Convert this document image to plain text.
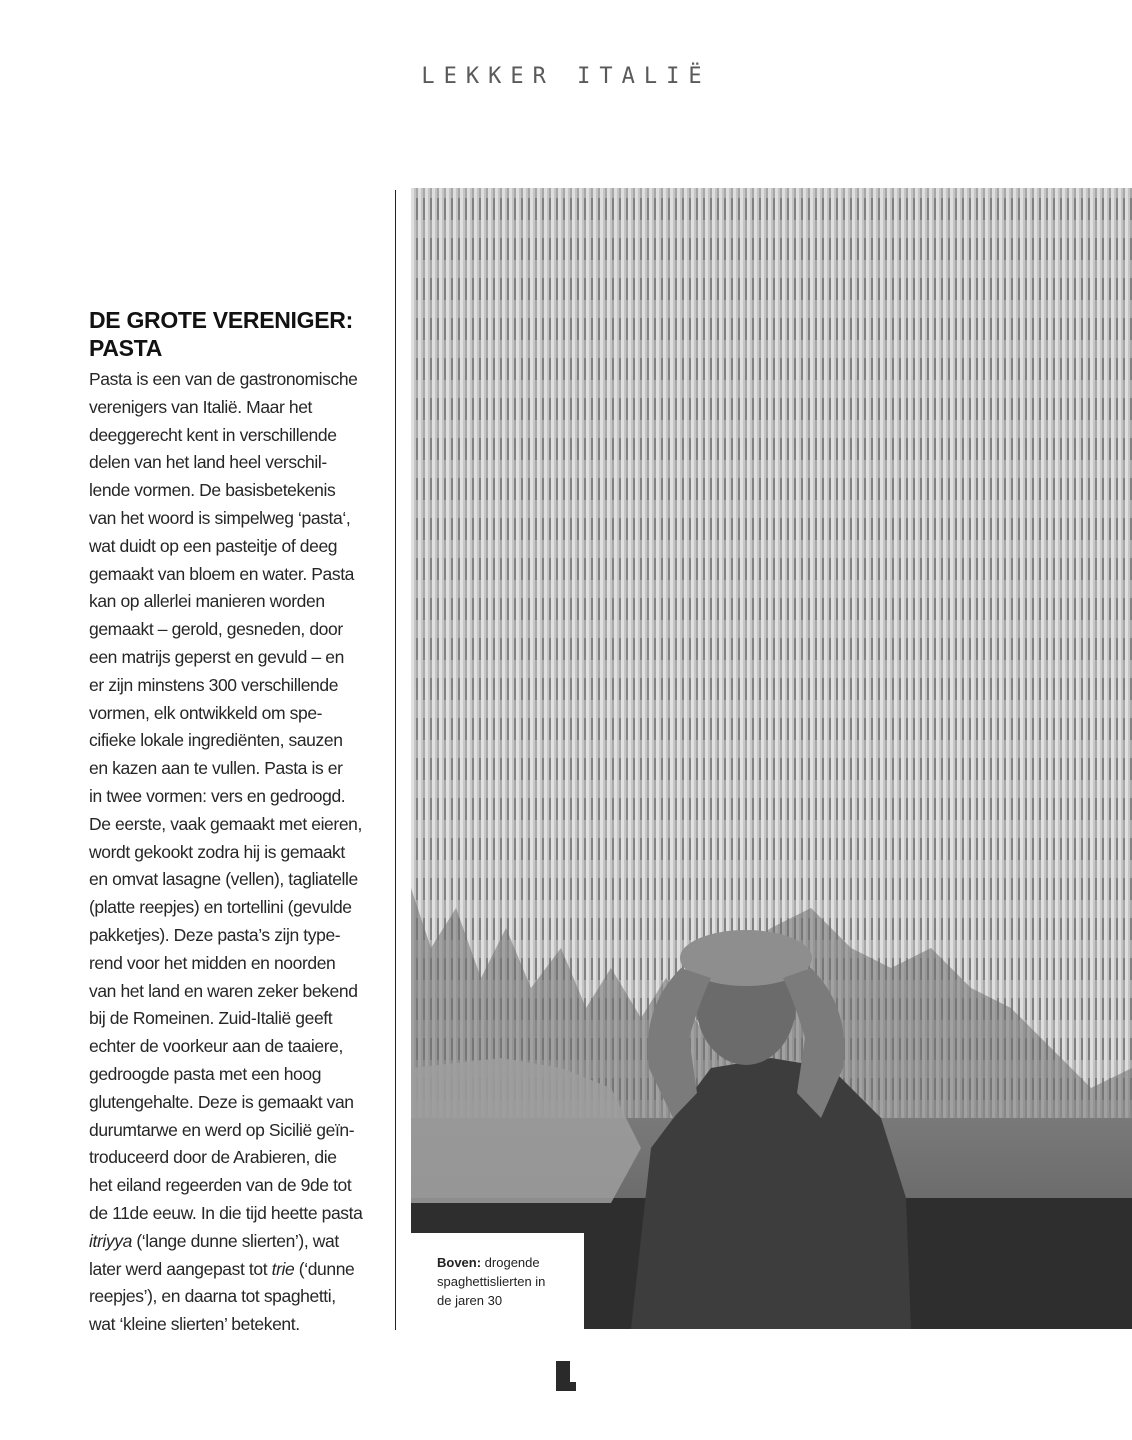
LEKKER ITALIË
DE GROTE VERENIGER:
PASTA

Pasta is een van de gastronomische
verenigers van Italië. Maar het
deeggerecht kent in verschillende
delen van het land heel verschil-
lende vormen. De basisbetekenis
van het woord is simpelweg ‘pasta‘,
wat duidt op een pasteitje of deeg
gemaakt van bloem en water. Pasta
kan op allerlei manieren worden
gemaakt – gerold, gesneden, door
een matrijs geperst en gevuld – en
er zijn minstens 300 verschillende
vormen, elk ontwikkeld om spe-
cifieke lokale ingrediënten, sauzen
en kazen aan te vullen. Pasta is er
in twee vormen: vers en gedroogd.
De eerste, vaak gemaakt met eieren,
wordt gekookt zodra hij is gemaakt
en omvat lasagne (vellen), tagliatelle
(platte reepjes) en tortellini (gevulde
pakketjes). Deze pasta’s zijn type-
rend voor het midden en noorden
van het land en waren zeker bekend
bij de Romeinen. Zuid-Italië geeft
echter de voorkeur aan de taaiere,
gedroogde pasta met een hoog
glutengehalte. Deze is gemaakt van
durumtarwe en werd op Sicilië geïn-
troduceerd door de Arabieren, die
het eiland regeerden van de 9de tot
de 11de eeuw. In die tijd heette pasta
itriyya (‘lange dunne slierten’), wat
later werd aangepast tot trie (‘dunne
reepjes’), en daarna tot spaghetti,
wat ‘kleine slierten’ betekent.

Boven: drogende
spaghettislierten in
de jaren 30
